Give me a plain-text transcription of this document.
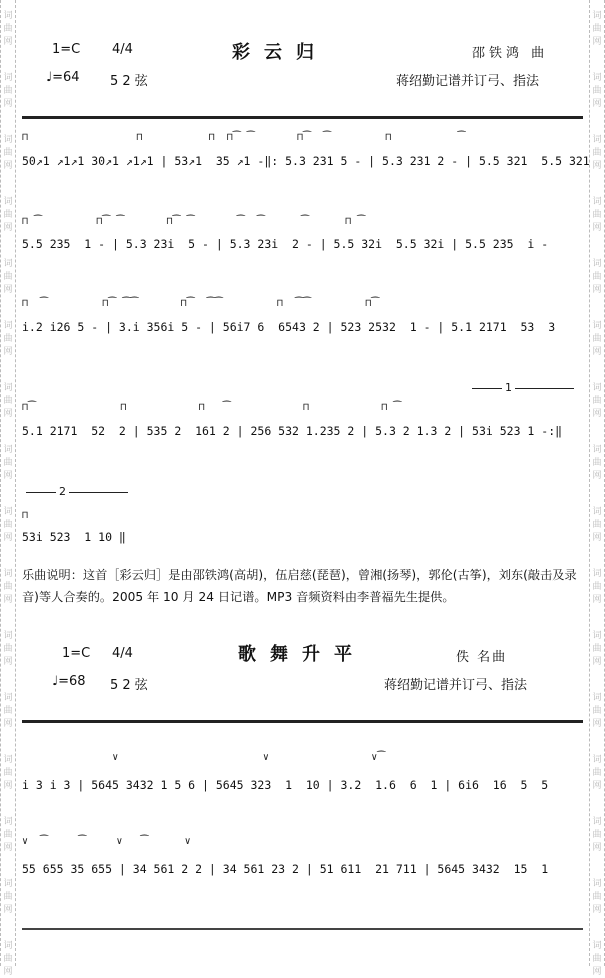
词
曲
网
词
曲
网
词
曲
网
词
曲
网
词
曲
网
词
曲
网
词
曲
网
词
曲
网
词
曲
网
词
曲
网
词
曲
网
词
曲
网
词
曲
网
词
曲
网
词
曲
网
词
曲
网
词
曲
网
词
曲
网
词
曲
网
词
曲
网
词
曲
网
词
曲
网
词
曲
网
词
曲
网
词
曲
网
词
曲
网
词
曲
网
词
曲
网
词
曲
网
词
曲
网
词
曲
网
词
曲
网
1=C 4/4	彩云归	邵铁鸿 曲
♩=64 5 2 弦	蒋绍勤记谱并订弓、指法
⊓                  ⊓           ⊓  ⊓⁀ ⁀       ⊓⁀  ⁀         ⊓           ⁀
50↗1 ↗1↗1 30↗1 ↗1↗1 | 53↗1  35 ↗1 -‖: 5.3 231 5 - | 5.3 231 2 - | 5.5 321  5.5 321
⊓ ⁀         ⊓⁀ ⁀       ⊓⁀ ⁀       ⁀  ⁀      ⁀      ⊓ ⁀
5.5 235  1 - | 5.3 23i  5 - | 5.3 23i  2 - | 5.5 32i  5.5 32i | 5.5 235  i -
⊓  ⁀         ⊓⁀ ⁀⁀       ⊓⁀  ⁀⁀         ⊓  ⁀⁀         ⊓⁀
i.2 i26 5 - | 3.i 356i 5 - | 56i7 6  6543 2 | 523 2532  1 - | 5.1 2171  53  3
1
⊓⁀              ⊓            ⊓   ⁀            ⊓            ⊓ ⁀
5.1 2171  52  2 | 535 2  161 2 | 256 532 1.235 2 | 5.3 2 1.3 2 | 53i 523 1 -:‖
2
⊓
53i 523  1 10 ‖
乐曲说明：这首［彩云归］是由邵铁鸿(高胡)，伍启慈(琵琶)，曾湘(扬琴)，郭伦(古筝)，刘东(敲击及录音)等人合奏的。2005 年 10 月 24 日记谱。MP3 音频资料由李普福先生提供。
1=C 4/4	歌舞升平	佚 名曲
♩=68 5 2 弦	蒋绍勤记谱并订弓、指法
∨                        ∨                 ∨⁀
i 3 i 3 | 5645 3432 1 5 6 | 5645 323  1  10 | 3.2  1.6  6  1 | 6i6  16  5  5
∨  ⁀     ⁀     ∨   ⁀      ∨
55 655 35 655 | 34 561 2 2 | 34 561 23 2 | 51 611  21 711 | 5645 3432  15  1
